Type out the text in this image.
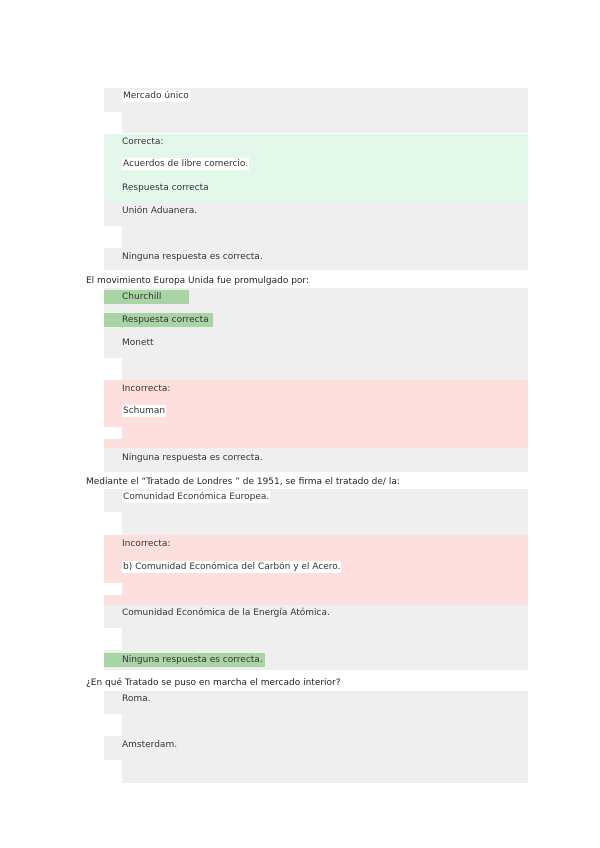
Mercado único
Correcta:
Acuerdos de libre comercio.
Respuesta correcta
Unión Aduanera.
Ninguna respuesta es correcta.
El movimiento Europa Unida fue promulgado por:
Churchill
Respuesta correcta
Monett
Incorrecta:
Schuman
Ninguna respuesta es correcta.
Mediante el “Tratado de Londres ” de 1951, se firma el tratado de/ la:
Comunidad Económica Europea.
Incorrecta:
b) Comunidad Económica del Carbón y el Acero.
Comunidad Económica de la Energía Atómica.
Ninguna respuesta es correcta.
¿En qué Tratado se puso en marcha el mercado interior?
Roma.
Amsterdam.
